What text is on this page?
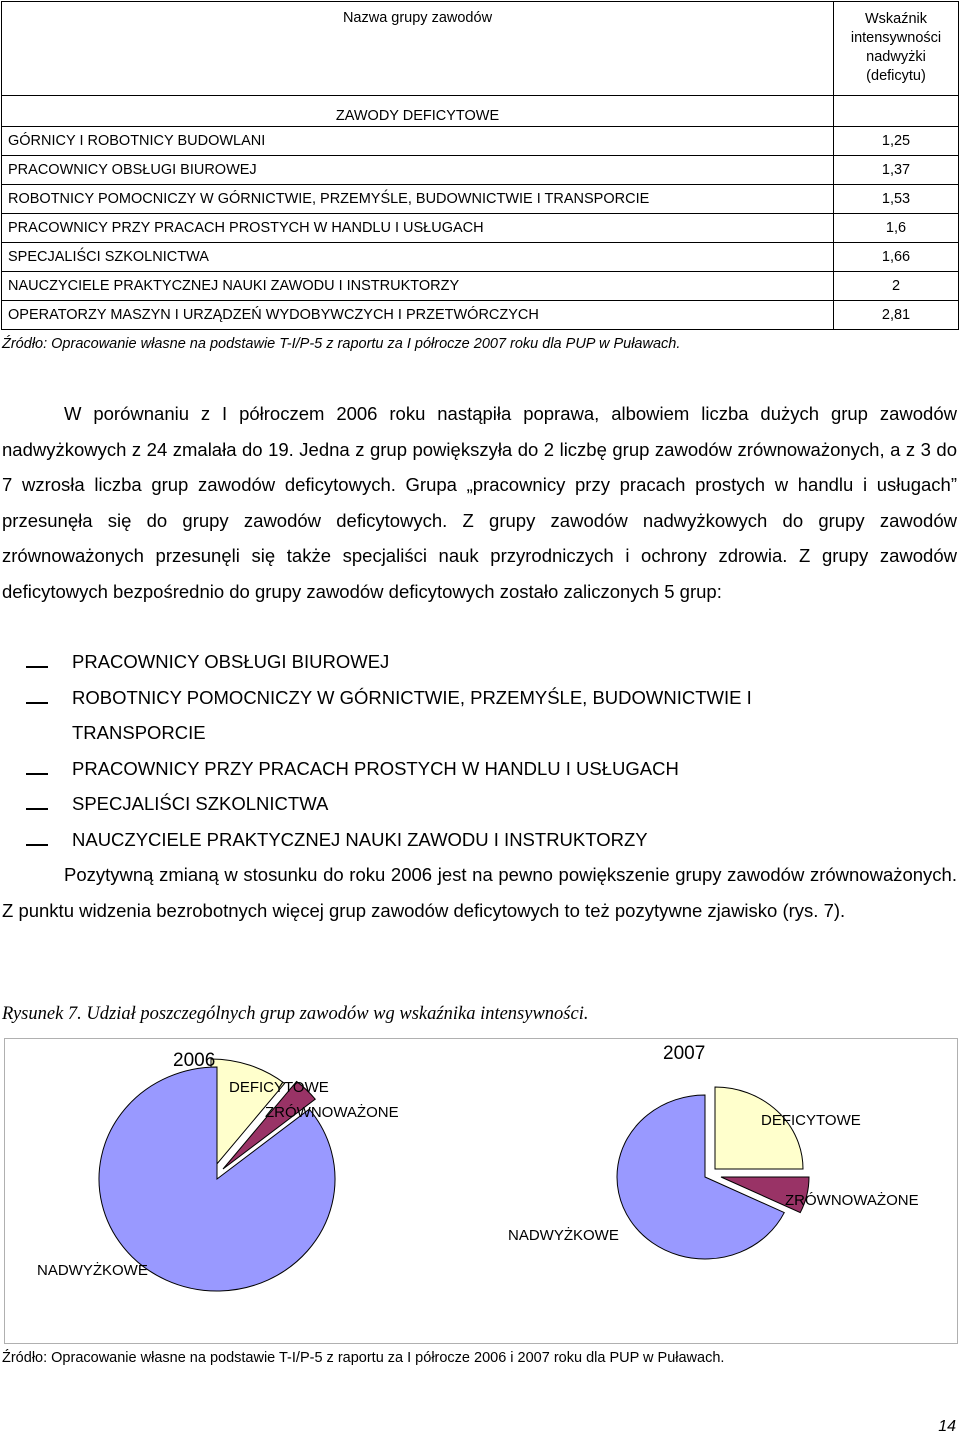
Nazwa grupy zawodów	Wskaźnik
intensywności
nadwyżki
(deficytu)
ZAWODY DEFICYTOWE	
GÓRNICY I ROBOTNICY BUDOWLANI	1,25
PRACOWNICY OBSŁUGI BIUROWEJ	1,37
ROBOTNICY POMOCNICZY W GÓRNICTWIE, PRZEMYŚLE, BUDOWNICTWIE I TRANSPORCIE	1,53
PRACOWNICY PRZY PRACACH PROSTYCH W HANDLU I USŁUGACH	1,6
SPECJALIŚCI SZKOLNICTWA	1,66
NAUCZYCIELE PRAKTYCZNEJ NAUKI ZAWODU I INSTRUKTORZY	2
OPERATORZY MASZYN I URZĄDZEŃ WYDOBYWCZYCH I PRZETWÓRCZYCH	2,81
Źródło: Opracowanie własne na podstawie T-I/P-5 z raportu za I półrocze 2007 roku dla PUP w Puławach.

W porównaniu z I półroczem 2006 roku nastąpiła poprawa, albowiem liczba dużych grup zawodów nadwyżkowych z 24 zmalała do 19. Jedna z grup powiększyła do 2 liczbę grup zawodów zrównoważonych, a z 3 do 7 wzrosła liczba grup zawodów deficytowych. Grupa „pracownicy przy pracach prostych w handlu i usługach” przesunęła się do grupy zawodów deficytowych. Z grupy zawodów nadwyżkowych do grupy zawodów zrównoważonych przesunęli się także specjaliści nauk przyrodniczych i ochrony zdrowia. Z grupy zawodów deficytowych bezpośrednio do grupy zawodów deficytowych zostało zaliczonych 5 grup:

PRACOWNICY OBSŁUGI BIUROWEJ
ROBOTNICY POMOCNICZY W GÓRNICTWIE, PRZEMYŚLE, BUDOWNICTWIE I TRANSPORCIE
PRACOWNICY PRZY PRACACH PROSTYCH W HANDLU I USŁUGACH
SPECJALIŚCI SZKOLNICTWA
NAUCZYCIELE PRAKTYCZNEJ NAUKI ZAWODU I INSTRUKTORZY

Pozytywną zmianą w stosunku do roku 2006 jest na pewno powiększenie grupy zawodów zrównoważonych. Z punktu widzenia bezrobotnych więcej grup zawodów deficytowych to też pozytywne zjawisko (rys. 7).

Rysunek 7. Udział poszczególnych grup zawodów wg wskaźnika intensywności.
2006	2007
DEFICYTOWE
ZRÓWNOWAŻONE
NADWYŻKOWE
DEFICYTOWE
ZRÓWNOWAŻONE
NADWYŻKOWE
Źródło: Opracowanie własne na podstawie T-I/P-5 z raportu za I półrocze 2006 i 2007 roku dla PUP w Puławach.
14
